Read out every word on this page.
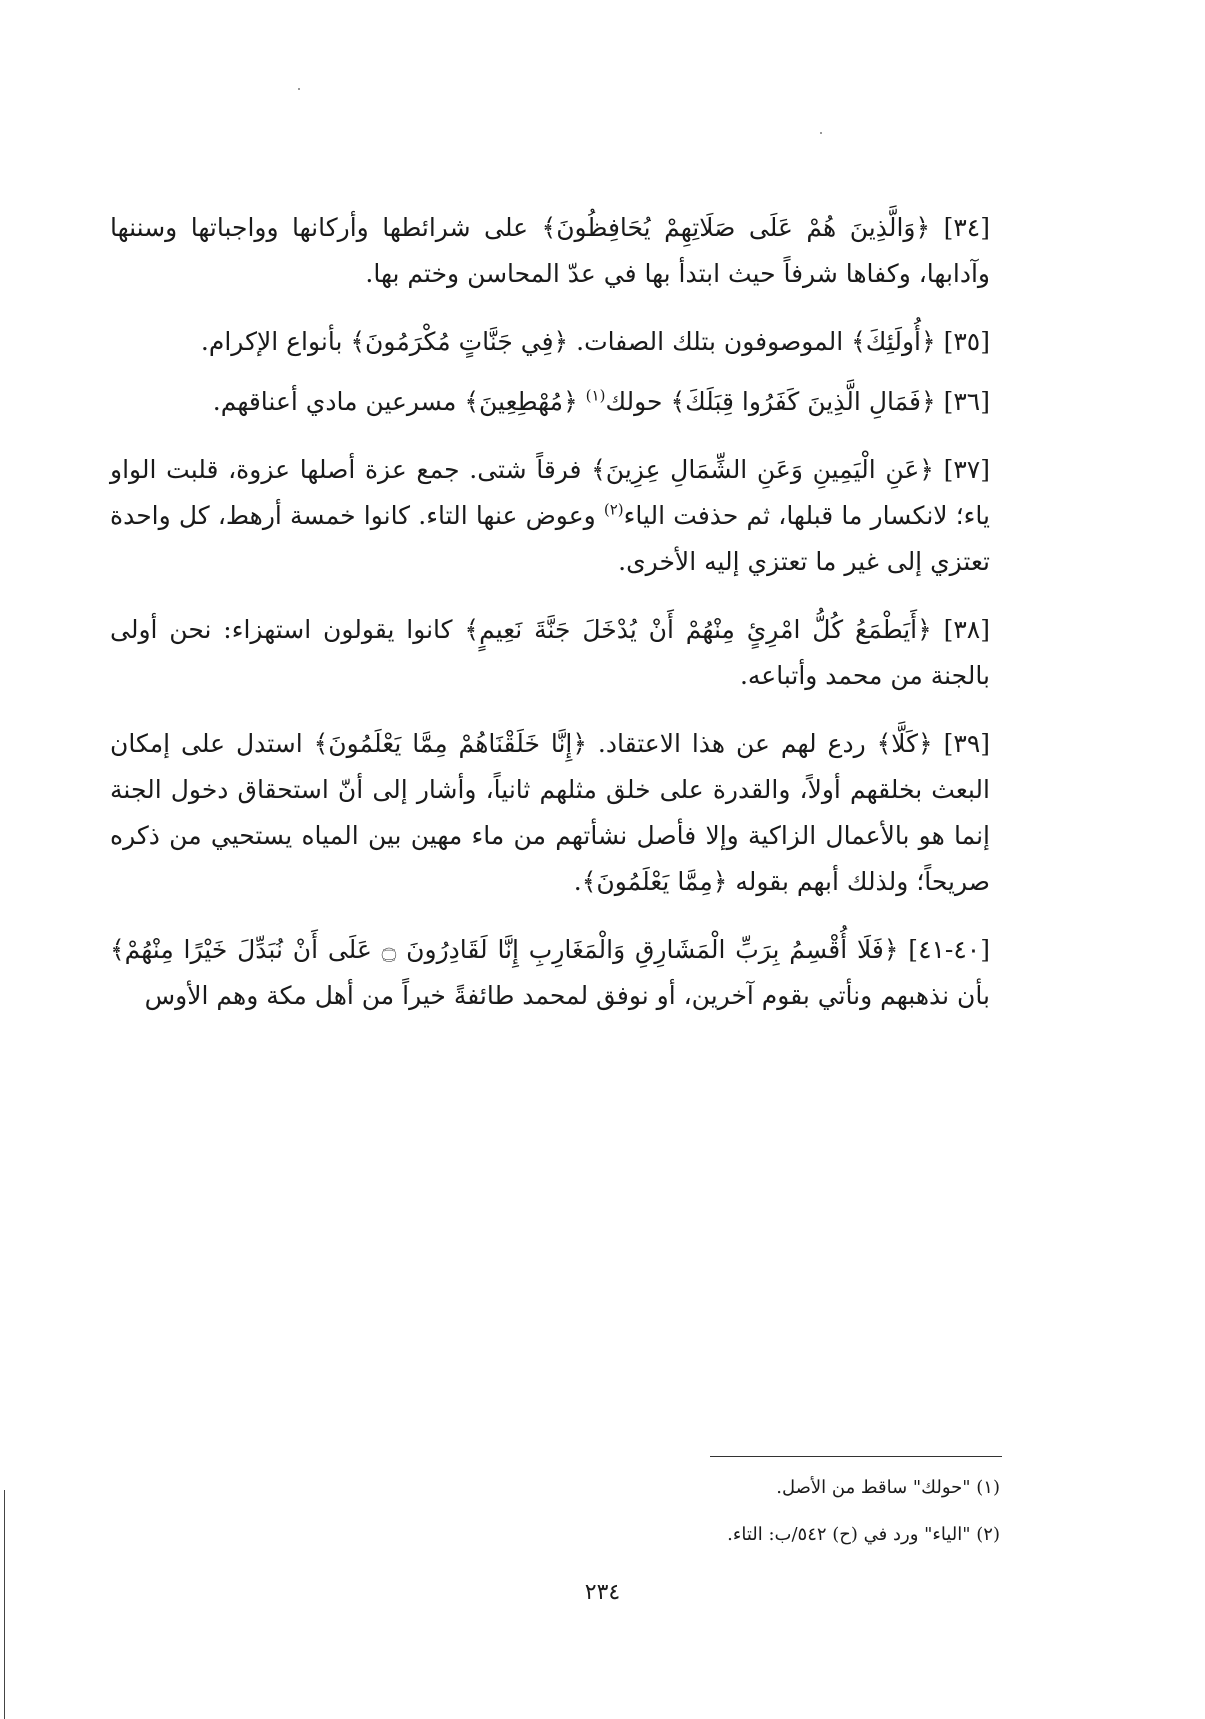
[٣٤] ﴿وَالَّذِينَ هُمْ عَلَى صَلَاتِهِمْ يُحَافِظُونَ﴾ على شرائطها وأركانها وواجباتها وسننها وآدابها، وكفاها شرفاً حيث ابتدأ بها في عدّ المحاسن وختم بها.

[٣٥] ﴿أُولَئِكَ﴾ الموصوفون بتلك الصفات. ﴿فِي جَنَّاتٍ مُكْرَمُونَ﴾ بأنواع الإكرام.

[٣٦] ﴿فَمَالِ الَّذِينَ كَفَرُوا قِبَلَكَ﴾ حولك$^{(١)}$ ﴿مُهْطِعِينَ﴾ مسرعين مادي أعناقهم.

[٣٧] ﴿عَنِ الْيَمِينِ وَعَنِ الشِّمَالِ عِزِينَ﴾ فرقاً شتى. جمع عزة أصلها عزوة، قلبت الواو ياء؛ لانكسار ما قبلها، ثم حذفت الياء$^{(٢)}$ وعوض عنها التاء. كانوا خمسة أرهط، كل واحدة تعتزي إلى غير ما تعتزي إليه الأخرى.

[٣٨] ﴿أَيَطْمَعُ كُلُّ امْرِئٍ مِنْهُمْ أَنْ يُدْخَلَ جَنَّةَ نَعِيمٍ﴾ كانوا يقولون استهزاء: نحن أولى بالجنة من محمد وأتباعه.

[٣٩] ﴿كَلَّا﴾ ردع لهم عن هذا الاعتقاد. ﴿إِنَّا خَلَقْنَاهُمْ مِمَّا يَعْلَمُونَ﴾ استدل على إمكان البعث بخلقهم أولاً، والقدرة على خلق مثلهم ثانياً، وأشار إلى أنّ استحقاق دخول الجنة إنما هو بالأعمال الزاكية وإلا فأصل نشأتهم من ماء مهين بين المياه يستحيي من ذكره صريحاً؛ ولذلك أبهم بقوله ﴿مِمَّا يَعْلَمُونَ﴾.

[٤٠-٤١] ﴿فَلَا أُقْسِمُ بِرَبِّ الْمَشَارِقِ وَالْمَغَارِبِ إِنَّا لَقَادِرُونَ ۝ عَلَى أَنْ نُبَدِّلَ خَيْرًا مِنْهُمْ﴾ بأن نذهبهم ونأتي بقوم آخرين، أو نوفق لمحمد طائفةً خيراً من أهل مكة وهم الأوس

(١) "حولك" ساقط من الأصل.

(٢) "الياء" ورد في (ح) ٥٤٢/ب: التاء.

٢٣٤
